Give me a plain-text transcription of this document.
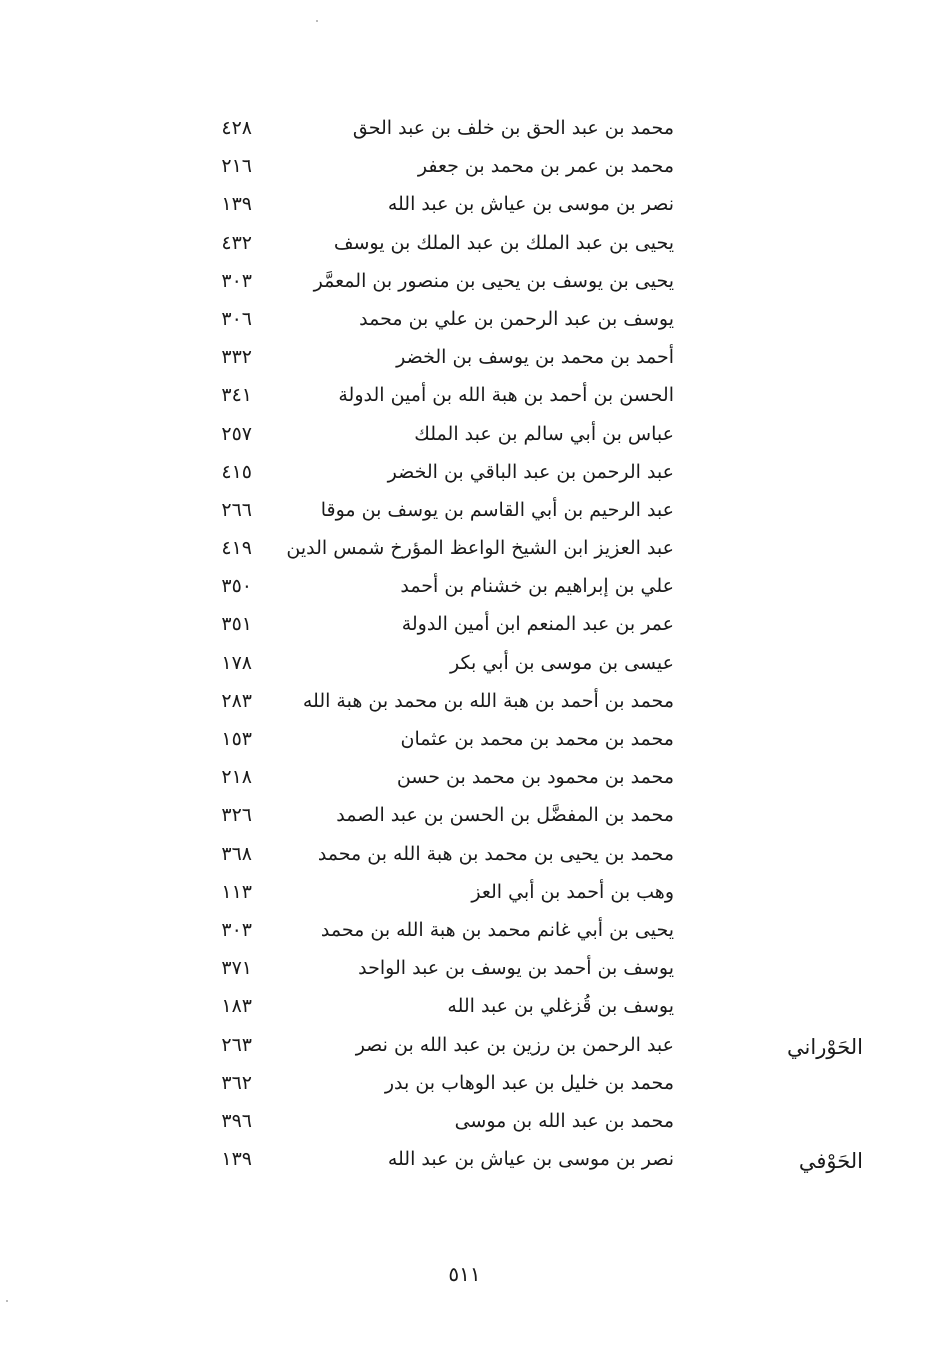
محمد بن عبد الحق بن خلف بن عبد الحق
٤٢٨
محمد بن عمر بن محمد بن جعفر
٢١٦
نصر بن موسى بن عياش بن عبد الله
١٣٩
يحيى بن عبد الملك بن عبد الملك بن يوسف
٤٣٢
يحيى بن يوسف بن يحيى بن منصور بن المعمَّر
٣٠٣
يوسف بن عبد الرحمن بن علي بن محمد
٣٠٦
أحمد بن محمد بن يوسف بن الخضر
٣٣٢
الحسن بن أحمد بن هبة الله بن أمين الدولة
٣٤١
عباس بن أبي سالم بن عبد الملك
٢٥٧
عبد الرحمن بن عبد الباقي بن الخضر
٤١٥
عبد الرحيم بن أبي القاسم بن يوسف بن موقا
٢٦٦
عبد العزيز ابن الشيخ الواعظ المؤرخ شمس الدين
٤١٩
علي بن إبراهيم بن خشنام بن أحمد
٣٥٠
عمر بن عبد المنعم ابن أمين الدولة
٣٥١
عيسى بن موسى بن أبي بكر
١٧٨
محمد بن أحمد بن هبة الله بن محمد بن هبة الله
٢٨٣
محمد بن محمد بن محمد بن عثمان
١٥٣
محمد بن محمود بن محمد بن حسن
٢١٨
محمد بن المفضَّل بن الحسن بن عبد الصمد
٣٢٦
محمد بن يحيى بن محمد بن هبة الله بن محمد
٣٦٨
وهب بن أحمد بن أبي العز
١١٣
يحيى بن أبي غانم محمد بن هبة الله بن محمد
٣٠٣
يوسف بن أحمد بن يوسف بن عبد الواحد
٣٧١
يوسف بن قُزغلي بن عبد الله
١٨٣
الحَوْراني
عبد الرحمن بن رزين بن عبد الله بن نصر
٢٦٣
محمد بن خليل بن عبد الوهاب بن بدر
٣٦٢
محمد بن عبد الله بن موسى
٣٩٦
الحَوْفي
نصر بن موسى بن عياش بن عبد الله
١٣٩
٥١١
